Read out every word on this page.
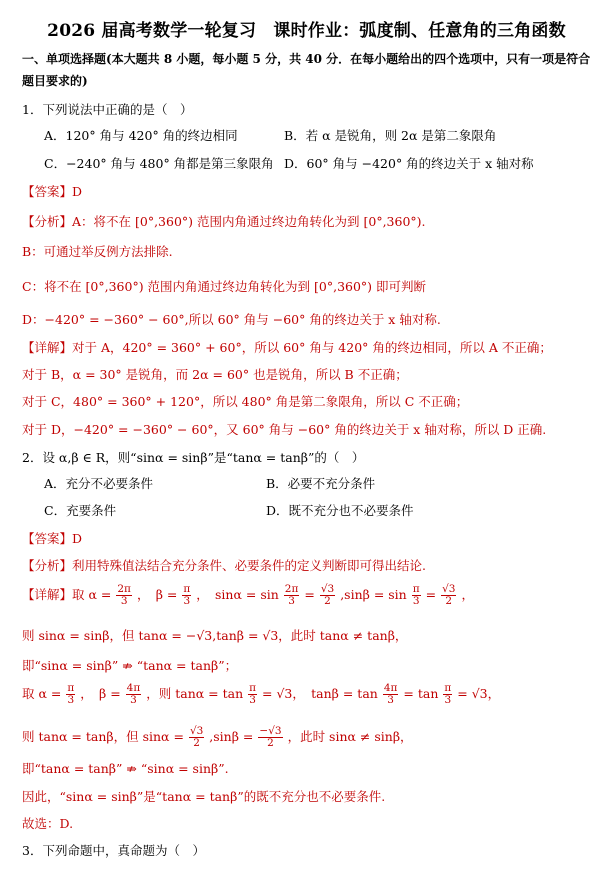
2026 届高考数学一轮复习　课时作业：弧度制、任意角的三角函数
一、单项选择题(本大题共 8 小题，每小题 5 分，共 40 分．在每小题给出的四个选项中，只有一项是符合题目要求的)
1．下列说法中正确的是（　）
A．120° 角与 420° 角的终边相同	B．若 α 是锐角，则 2α 是第二象限角
C．−240° 角与 480° 角都是第三象限角 D．60° 角与 −420° 角的终边关于 x 轴对称
【答案】D
【分析】A：将不在 [0°,360°) 范围内角通过终边角转化为到 [0°,360°).
B：可通过举反例方法排除.
C：将不在 [0°,360°) 范围内角通过终边角转化为到 [0°,360°) 即可判断
D：−420° = −360° − 60°,所以 60° 角与 −60° 角的终边关于 x 轴对称.
【详解】对于 A，420° = 360° + 60°，所以 60° 角与 420° 角的终边相同，所以 A 不正确；
对于 B，α = 30° 是锐角，而 2α = 60° 也是锐角，所以 B 不正确；
对于 C，480° = 360° + 120°，所以 480° 角是第二象限角，所以 C 不正确；
对于 D，−420° = −360° − 60°，又 60° 角与 −60° 角的终边关于 x 轴对称，所以 D 正确.
2．设 α,β ∈ R，则“sinα = sinβ”是“tanα = tanβ”的（　）
A．充分不必要条件	B．必要不充分条件
C．充要条件	D．既不充分也不必要条件
【答案】D
【分析】利用特殊值法结合充分条件、必要条件的定义判断即可得出结论.
【详解】取 $\alpha = \frac{2\pi}{3}$ ，　$\beta = \frac{\pi}{3}$ ，　$\sin\alpha = \sin \frac{2\pi}{3} = \frac{√3}{2} ,\sin\beta = \sin \frac{\pi}{3} = \frac{√3}{2}$ ，
则 sinα = sinβ，但 tanα = −√3,tanβ = √3，此时 tanα ≠ tanβ，
即“sinα = sinβ” ⇏ “tanα = tanβ”；
取 $\alpha = \frac{\pi}{3}$ ，　$\beta = \frac{4\pi}{3}$ ，则 $\tan\alpha = \tan \frac{\pi}{3} = √3$，　$\tan\beta = \tan \frac{4\pi}{3} = \tan \frac{\pi}{3} = √3$，
则 tanα = tanβ，但 $\sin\alpha = \frac{√3}{2} ,\sin\beta = \frac{-√3}{2}$ ，此时 sinα ≠ sinβ，
即“tanα = tanβ” ⇏ “sinα = sinβ”.
因此，“sinα = sinβ”是“tanα = tanβ”的既不充分也不必要条件.
故选：D.
3．下列命题中，真命题为（　）
